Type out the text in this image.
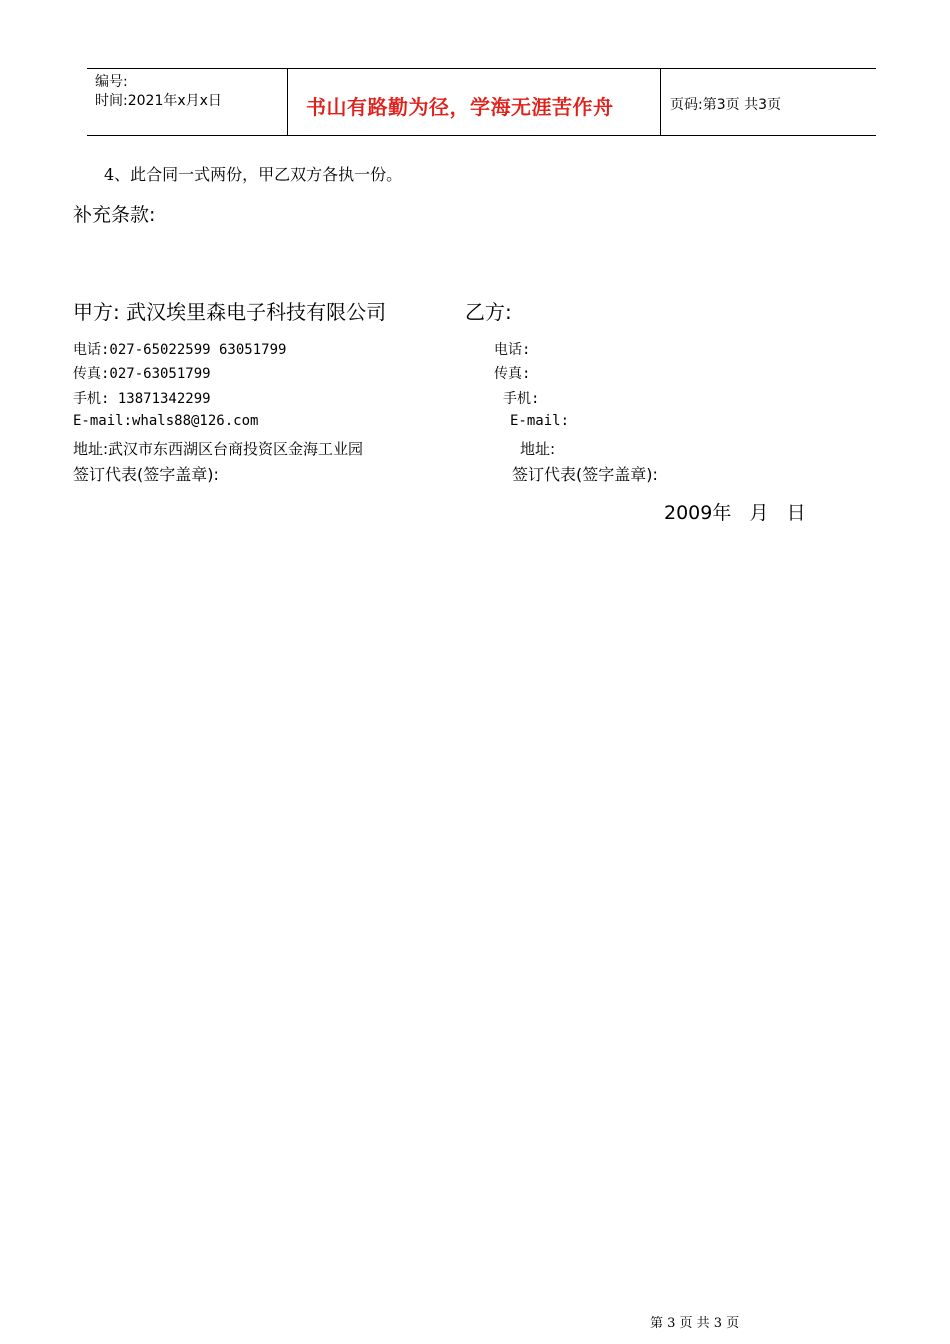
编号:
时间:2021年x月x日	书山有路勤为径，学海无涯苦作舟	页码:第3页 共3页
4、此合同一式两份，甲乙双方各执一份。
补充条款:
甲方: 武汉埃里森电子科技有限公司	乙方:
电话:027-65022599 63051799	电话:
传真:027-63051799	传真:
手机: 13871342299	手机:
E-mail:whals88@126.com	E-mail:
地址:武汉市东西湖区台商投资区金海工业园	地址:
签订代表(签字盖章):	签订代表(签字盖章):
2009年   月   日
第 3 页 共 3 页
